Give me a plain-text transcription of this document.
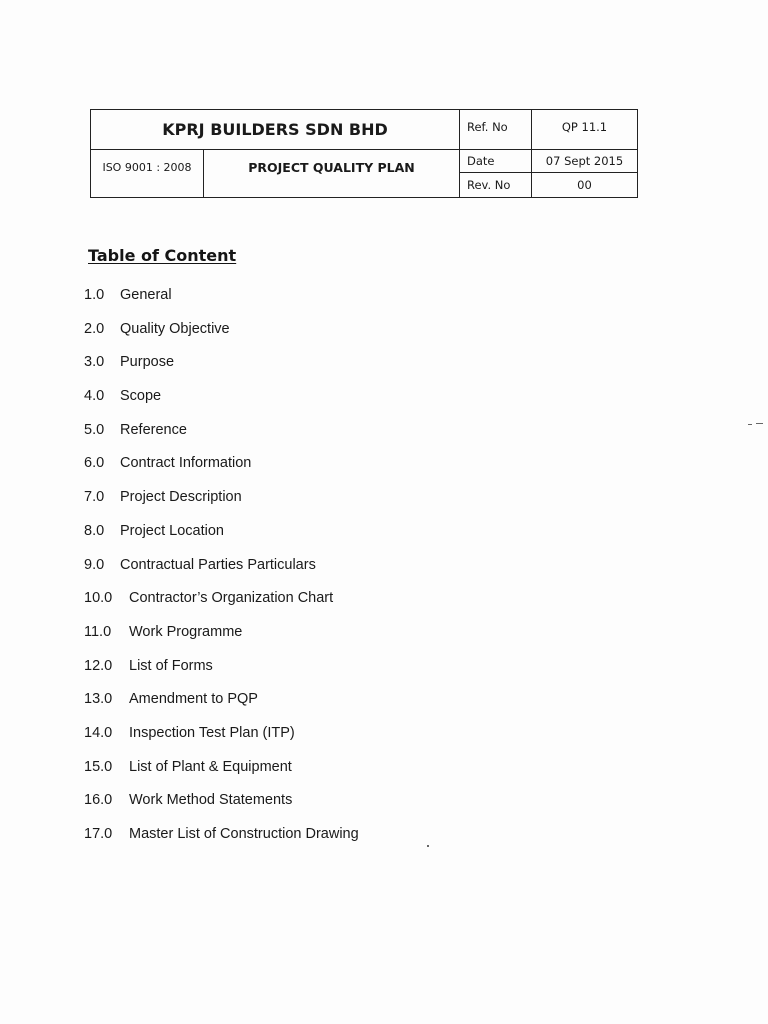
KPRJ BUILDERS SDN BHD
ISO 9001 : 2008	PROJECT QUALITY PLAN
Ref. No	QP 11.1
Date	07 Sept 2015
Rev. No	00
Table of Content
1.0	General
2.0	Quality Objective
3.0	Purpose
4.0	Scope
5.0	Reference
6.0	Contract Information
7.0	Project Description
8.0	Project Location
9.0	Contractual Parties Particulars
10.0	Contractor’s Organization Chart
11.0	Work Programme
12.0	List of Forms
13.0	Amendment to PQP
14.0	Inspection Test Plan (ITP)
15.0	List of Plant & Equipment
16.0	Work Method Statements
17.0	Master List of Construction Drawing
